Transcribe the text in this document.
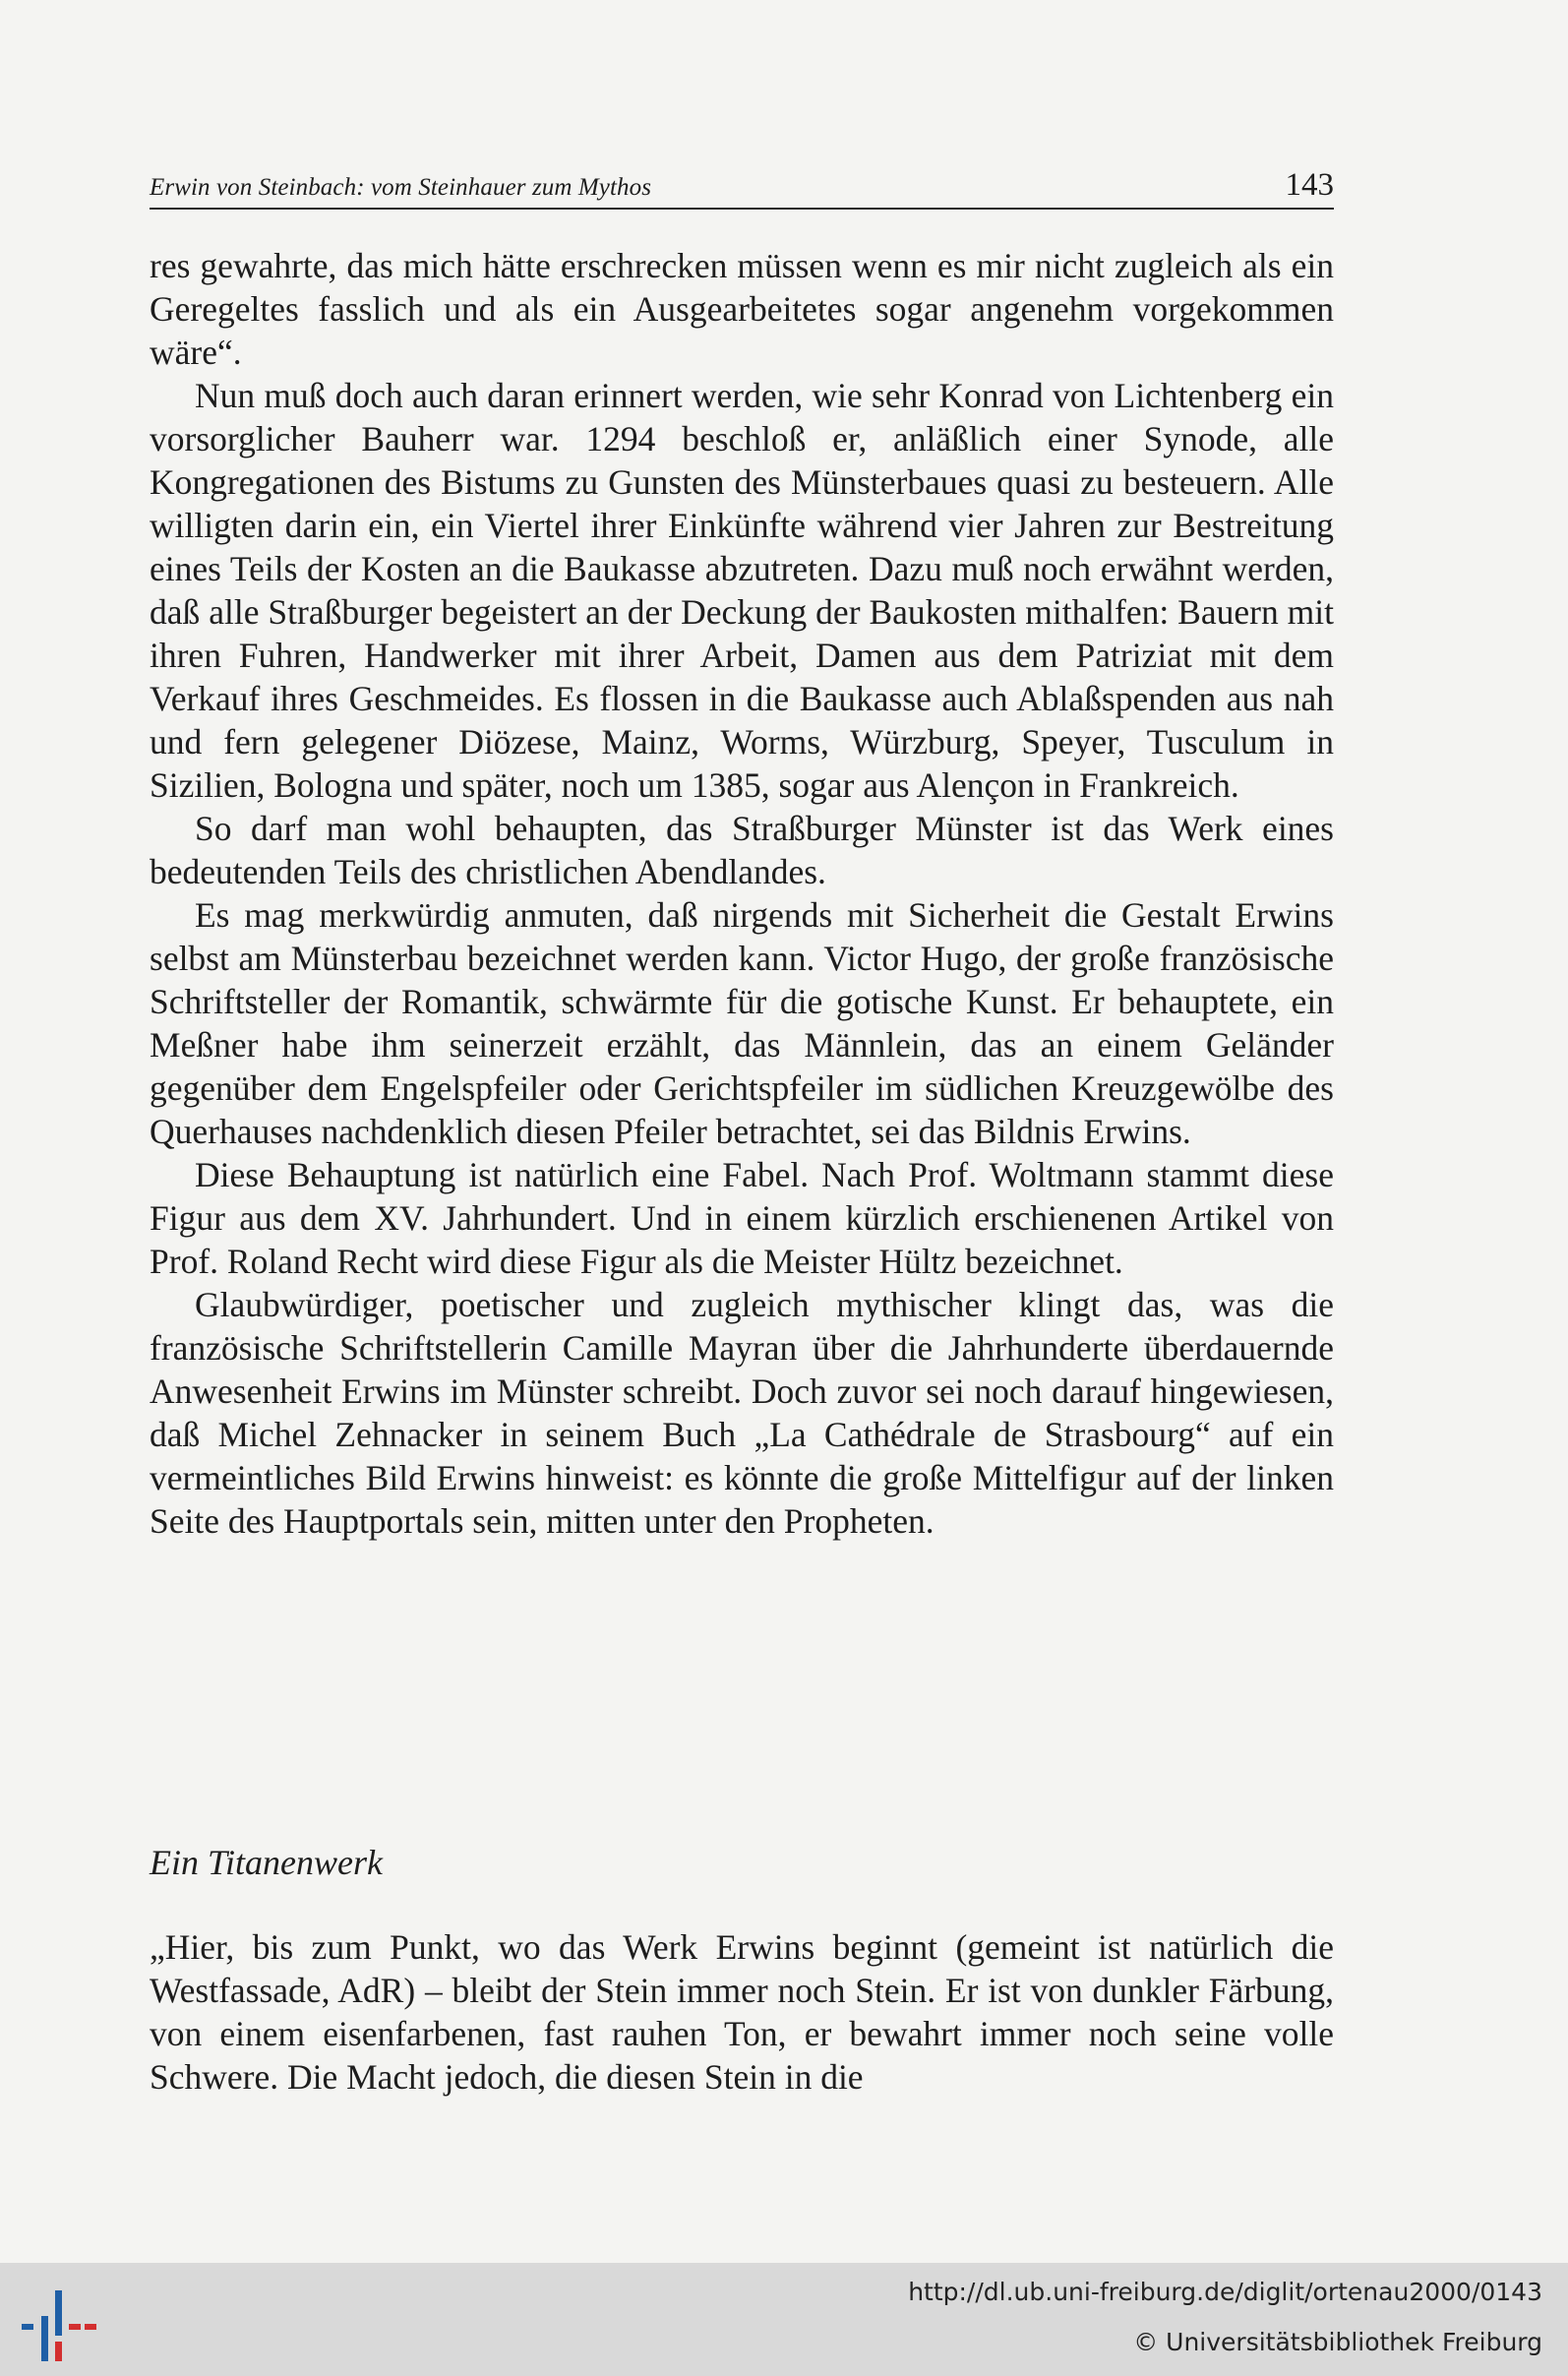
Erwin von Steinbach: vom Steinhauer zum Mythos	143

res gewahrte, das mich hätte erschrecken müssen wenn es mir nicht zugleich als ein Geregeltes fasslich und als ein Ausgearbeitetes sogar angenehm vorgekommen wäre“.

Nun muß doch auch daran erinnert werden, wie sehr Konrad von Lichtenberg ein vorsorglicher Bauherr war. 1294 beschloß er, anläßlich einer Synode, alle Kongregationen des Bistums zu Gunsten des Münsterbaues quasi zu besteuern. Alle willigten darin ein, ein Viertel ihrer Einkünfte während vier Jahren zur Bestreitung eines Teils der Kosten an die Baukasse abzutreten. Dazu muß noch erwähnt werden, daß alle Straßburger begeistert an der Deckung der Baukosten mithalfen: Bauern mit ihren Fuhren, Handwerker mit ihrer Arbeit, Damen aus dem Patriziat mit dem Verkauf ihres Geschmeides. Es flossen in die Baukasse auch Ablaßspenden aus nah und fern gelegener Diözese, Mainz, Worms, Würzburg, Speyer, Tusculum in Sizilien, Bologna und später, noch um 1385, sogar aus Alençon in Frankreich.

So darf man wohl behaupten, das Straßburger Münster ist das Werk eines bedeutenden Teils des christlichen Abendlandes.

Es mag merkwürdig anmuten, daß nirgends mit Sicherheit die Gestalt Erwins selbst am Münsterbau bezeichnet werden kann. Victor Hugo, der große französische Schriftsteller der Romantik, schwärmte für die gotische Kunst. Er behauptete, ein Meßner habe ihm seinerzeit erzählt, das Männlein, das an einem Geländer gegenüber dem Engelspfeiler oder Gerichtspfeiler im südlichen Kreuzgewölbe des Querhauses nachdenklich diesen Pfeiler betrachtet, sei das Bildnis Erwins.

Diese Behauptung ist natürlich eine Fabel. Nach Prof. Woltmann stammt diese Figur aus dem XV. Jahrhundert. Und in einem kürzlich erschienenen Artikel von Prof. Roland Recht wird diese Figur als die Meister Hültz bezeichnet.

Glaubwürdiger, poetischer und zugleich mythischer klingt das, was die französische Schriftstellerin Camille Mayran über die Jahrhunderte überdauernde Anwesenheit Erwins im Münster schreibt. Doch zuvor sei noch darauf hingewiesen, daß Michel Zehnacker in seinem Buch „La Cathédrale de Strasbourg“ auf ein vermeintliches Bild Erwins hinweist: es könnte die große Mittelfigur auf der linken Seite des Hauptportals sein, mitten unter den Propheten.

Ein Titanenwerk

„Hier, bis zum Punkt, wo das Werk Erwins beginnt (gemeint ist natürlich die Westfassade, AdR) – bleibt der Stein immer noch Stein. Er ist von dunkler Färbung, von einem eisenfarbenen, fast rauhen Ton, er bewahrt immer noch seine volle Schwere. Die Macht jedoch, die diesen Stein in die

http://dl.ub.uni-freiburg.de/diglit/ortenau2000/0143
© Universitätsbibliothek Freiburg
